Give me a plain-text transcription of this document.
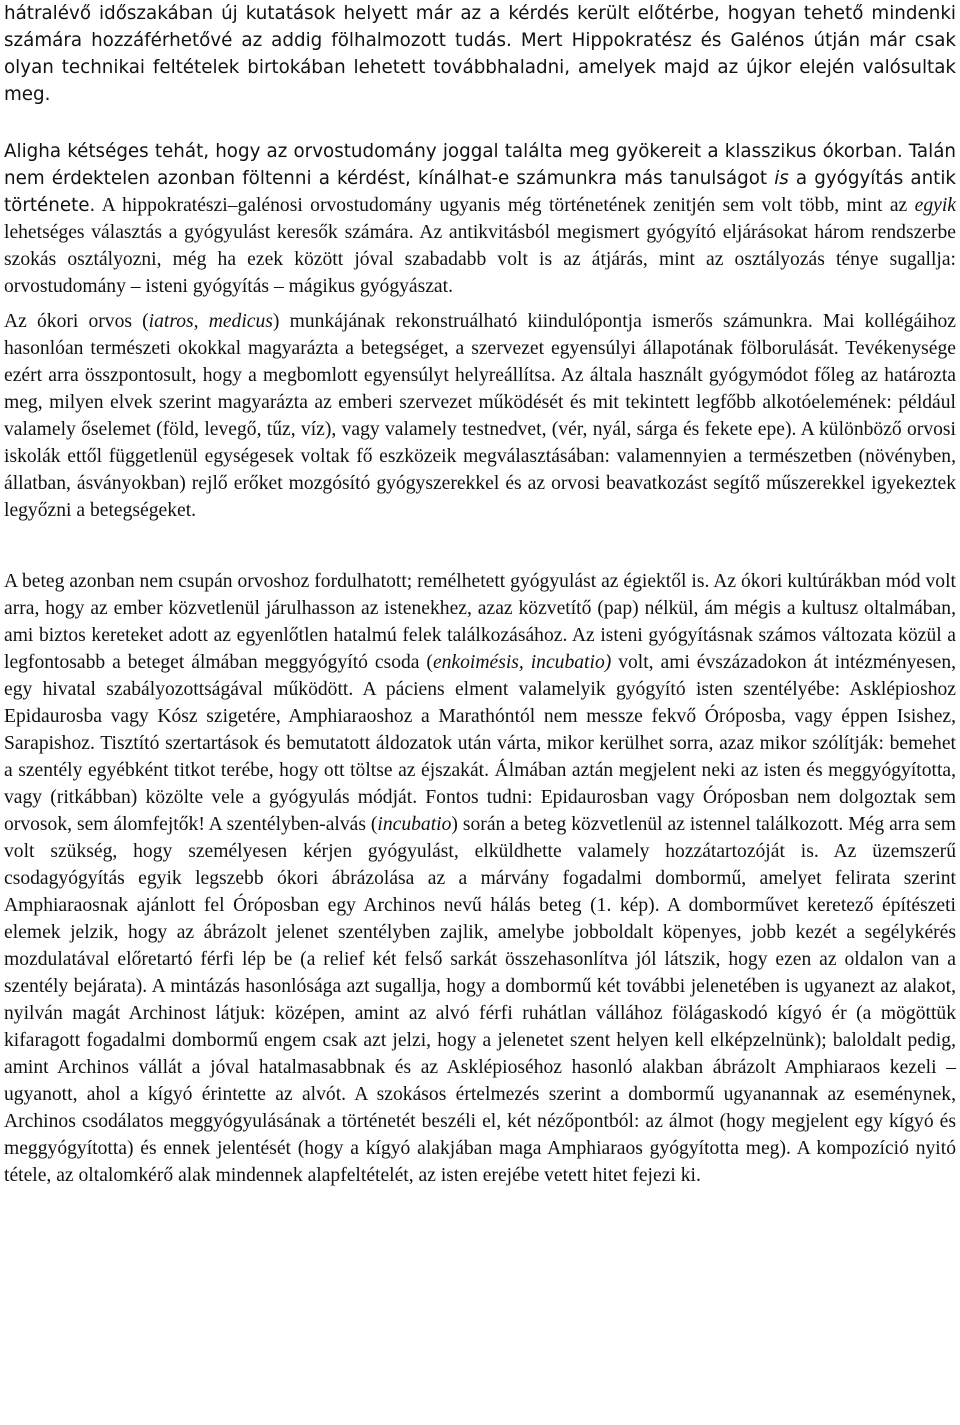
hátralévő időszakában új kutatások helyett már az a kérdés került előtérbe, hogyan tehető mindenki számára hozzáférhetővé az addig fölhalmozott tudás. Mert Hippokratész és Galénos útján már csak olyan technikai feltételek birtokában lehetett továbbhaladni, amelyek majd az újkor elején valósultak meg.

Aligha kétséges tehát, hogy az orvostudomány joggal találta meg gyökereit a klasszikus ókorban. Talán nem érdektelen azonban föltenni a kérdést, kínálhat-e számunkra más tanulságot is a gyógyítás antik története. A hippokratészi–galénosi orvostudomány ugyanis még történetének zenitjén sem volt több, mint az egyik lehetséges választás a gyógyulást keresők számára. Az antikvitásból megismert gyógyító eljárásokat három rendszerbe szokás osztályozni, még ha ezek között jóval szabadabb volt is az átjárás, mint az osztályozás ténye sugallja: orvostudomány – isteni gyógyítás – mágikus gyógyászat.

Az ókori orvos (iatros, medicus) munkájának rekonstruálható kiindulópontja ismerős számunkra. Mai kollégáihoz hasonlóan természeti okokkal magyarázta a betegséget, a szervezet egyensúlyi állapotának fölborulását. Tevékenysége ezért arra összpontosult, hogy a megbomlott egyensúlyt helyreállítsa. Az általa használt gyógymódot főleg az határozta meg, milyen elvek szerint magyarázta az emberi szervezet működését és mit tekintett legfőbb alkotóelemének: például valamely őselemet (föld, levegő, tűz, víz), vagy valamely testnedvet, (vér, nyál, sárga és fekete epe). A különböző orvosi iskolák ettől függetlenül egységesek voltak fő eszközeik megválasztásában: valamennyien a természetben (növényben, állatban, ásványokban) rejlő erőket mozgósító gyógyszerekkel és az orvosi beavatkozást segítő műszerekkel igyekeztek legyőzni a betegségeket.

A beteg azonban nem csupán orvoshoz fordulhatott; remélhetett gyógyulást az égiektől is. Az ókori kultúrákban mód volt arra, hogy az ember közvetlenül járulhasson az istenekhez, azaz közvetítő (pap) nélkül, ám mégis a kultusz oltalmában, ami biztos kereteket adott az egyenlőtlen hatalmú felek találkozásához. Az isteni gyógyításnak számos változata közül a legfontosabb a beteget álmában meggyógyító csoda (enkoimésis, incubatio) volt, ami évszázadokon át intézményesen, egy hivatal szabályozottságával működött. A páciens elment valamelyik gyógyító isten szentélyébe: Asklépioshoz Epidaurosba vagy Kósz szigetére, Amphiaraoshoz a Marathóntól nem messze fekvő Óróposba, vagy éppen Isishez, Sarapishoz. Tisztító szertartások és bemutatott áldozatok után várta, mikor kerülhet sorra, azaz mikor szólítják: bemehet a szentély egyébként titkot terébe, hogy ott töltse az éjszakát. Álmában aztán megjelent neki az isten és meggyógyította, vagy (ritkábban) közölte vele a gyógyulás módját. Fontos tudni: Epidaurosban vagy Óróposban nem dolgoztak sem orvosok, sem álomfejtők! A szentélyben-alvás (incubatio) során a beteg közvetlenül az istennel találkozott. Még arra sem volt szükség, hogy személyesen kérjen gyógyulást, elküldhette valamely hozzátartozóját is. Az üzemszerű csodagyógyítás egyik legszebb ókori ábrázolása az a márvány fogadalmi dombormű, amelyet felirata szerint Amphiaraosnak ajánlott fel Óróposban egy Archinos nevű hálás beteg (1. kép). A domborművet keretező építészeti elemek jelzik, hogy az ábrázolt jelenet szentélyben zajlik, amelybe jobboldalt köpenyes, jobb kezét a segélykérés mozdulatával előretartó férfi lép be (a relief két felső sarkát összehasonlítva jól látszik, hogy ezen az oldalon van a szentély bejárata). A mintázás hasonlósága azt sugallja, hogy a dombormű két további jelenetében is ugyanezt az alakot, nyilván magát Archinost látjuk: középen, amint az alvó férfi ruhátlan vállához fölágaskodó kígyó ér (a mögöttük kifaragott fogadalmi dombormű engem csak azt jelzi, hogy a jelenetet szent helyen kell elképzelnünk); baloldalt pedig, amint Archinos vállát a jóval hatalmasabbnak és az Asklépioséhoz hasonló alakban ábrázolt Amphiaraos kezeli – ugyanott, ahol a kígyó érintette az alvót. A szokásos értelmezés szerint a dombormű ugyanannak az eseménynek, Archinos csodálatos meggyógyulásának a történetét beszéli el, két nézőpontból: az álmot (hogy megjelent egy kígyó és meggyógyította) és ennek jelentését (hogy a kígyó alakjában maga Amphiaraos gyógyította meg). A kompozíció nyitó tétele, az oltalomkérő alak mindennek alapfeltételét, az isten erejébe vetett hitet fejezi ki.
